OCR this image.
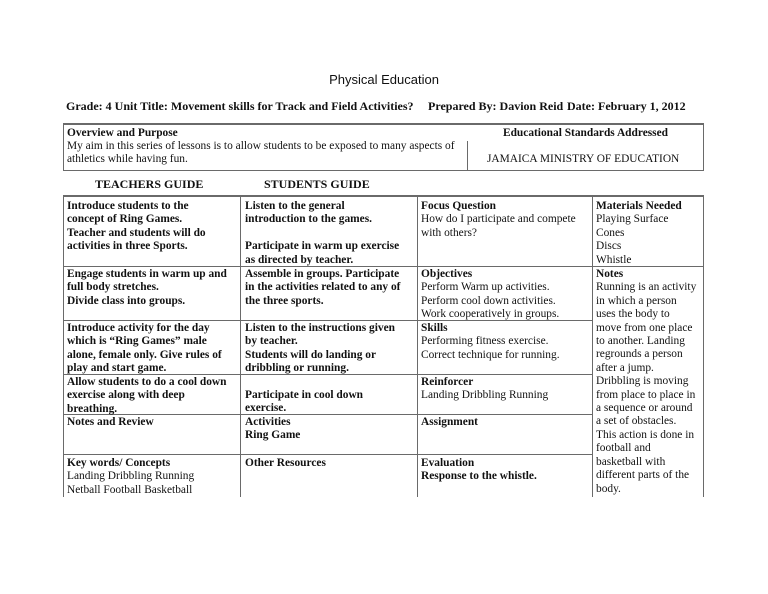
Physical Education
Grade: 4 Unit Title: Movement skills for Track and Field Activities? Prepared By: Davion Reid Date: February 1, 2012
Overview and Purpose
My aim in this series of lessons is to allow students to be exposed to many aspects of
athletics while having fun.
Educational Standards Addressed
JAMAICA MINISTRY OF EDUCATION
TEACHERS GUIDE	STUDENTS GUIDE
Introduce students to the
concept of Ring Games.
Teacher and students will do
activities in three Sports.
Engage students in warm up and
full body stretches.
Divide class into groups.
Introduce activity for the day
which is “Ring Games” male
alone, female only. Give rules of
play and start game.
Allow students to do a cool down
exercise along with deep
breathing.
Notes and Review
Key words/ Concepts
Landing Dribbling Running
Netball Football Basketball
Listen to the general
introduction to the games.
Participate in warm up exercise
as directed by teacher.
Assemble in groups. Participate
in the activities related to any of
the three sports.
Listen to the instructions given
by teacher.
Students will do landing or
dribbling or running.
Participate in cool down
exercise.
Activities
Ring Game
Other Resources
Focus Question
How do I participate and compete
with others?
Objectives
Perform Warm up activities.
Perform cool down activities.
Work cooperatively in groups.
Skills
Performing fitness exercise.
Correct technique for running.
Reinforcer
Landing Dribbling Running
Assignment
Evaluation
Response to the whistle.
Materials Needed
Playing Surface
Cones
Discs
Whistle
Notes
Running is an activity
in which a person
uses the body to
move from one place
to another. Landing
regrounds a person
after a jump.
Dribbling is moving
from place to place in
a sequence or around
a set of obstacles.
This action is done in
football and
basketball with
different parts of the
body.
